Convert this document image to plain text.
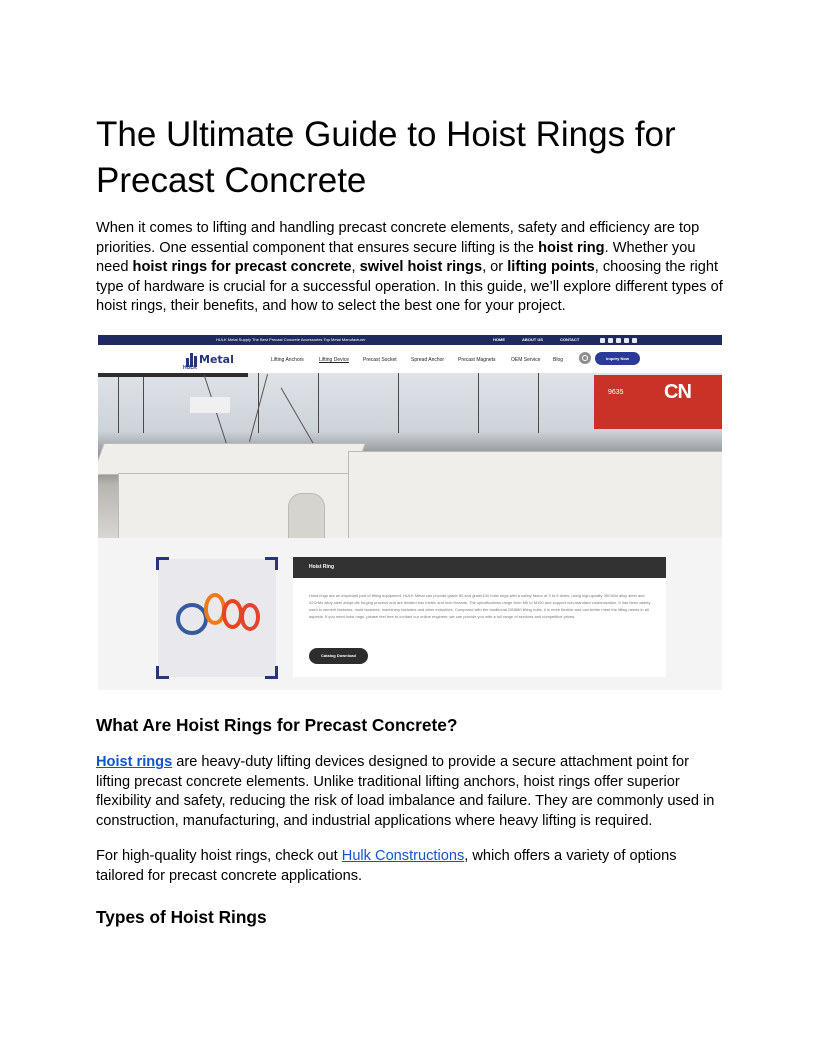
The Ultimate Guide to Hoist Rings for Precast Concrete

When it comes to lifting and handling precast concrete elements, safety and efficiency are top priorities. One essential component that ensures secure lifting is the hoist ring. Whether you need hoist rings for precast concrete, swivel hoist rings, or lifting points, choosing the right type of hardware is crucial for a successful operation. In this guide, we’ll explore different types of hoist rings, their benefits, and how to select the best one for your project.

HULK Metal Supply The Best Precast Concrete Accessories Top Metal Manufacturer	HOME	ABOUT US	CONTACT
Metal
HULK
Lifting Anchors	Lifting Device	Precast Socket	Spread Anchor	Precast Magnets	OEM Service	Blog	Inquiry Now
CN
9635
Hoist Ring
Hoist rings are an important part of lifting equipment. HULK Metal can provide grade 80 and grade100 hoist rings with a safety factor of 3 to 5 times, using high-quality 35CrMo alloy steel and 42CrMo alloy steel adopt die forging process and are divided into metric and inch threads. The specifications range from M6 to M100 and support non-standard customization. It has been widely used in cement factories, mold factories, machinery factories and other industries. Compared with the traditional DIN580 lifting bolts, it is more flexible and can better meet the lifting needs in all aspects. If you need hoist rings, please feel free to contact our online engineer, we can provide you with a full range of services and competitive prices.
Catalog Download
What Are Hoist Rings for Precast Concrete?

Hoist rings are heavy-duty lifting devices designed to provide a secure attachment point for lifting precast concrete elements. Unlike traditional lifting anchors, hoist rings offer superior flexibility and safety, reducing the risk of load imbalance and failure. They are commonly used in construction, manufacturing, and industrial applications where heavy lifting is required.

For high-quality hoist rings, check out Hulk Constructions, which offers a variety of options tailored for precast concrete applications.

Types of Hoist Rings
